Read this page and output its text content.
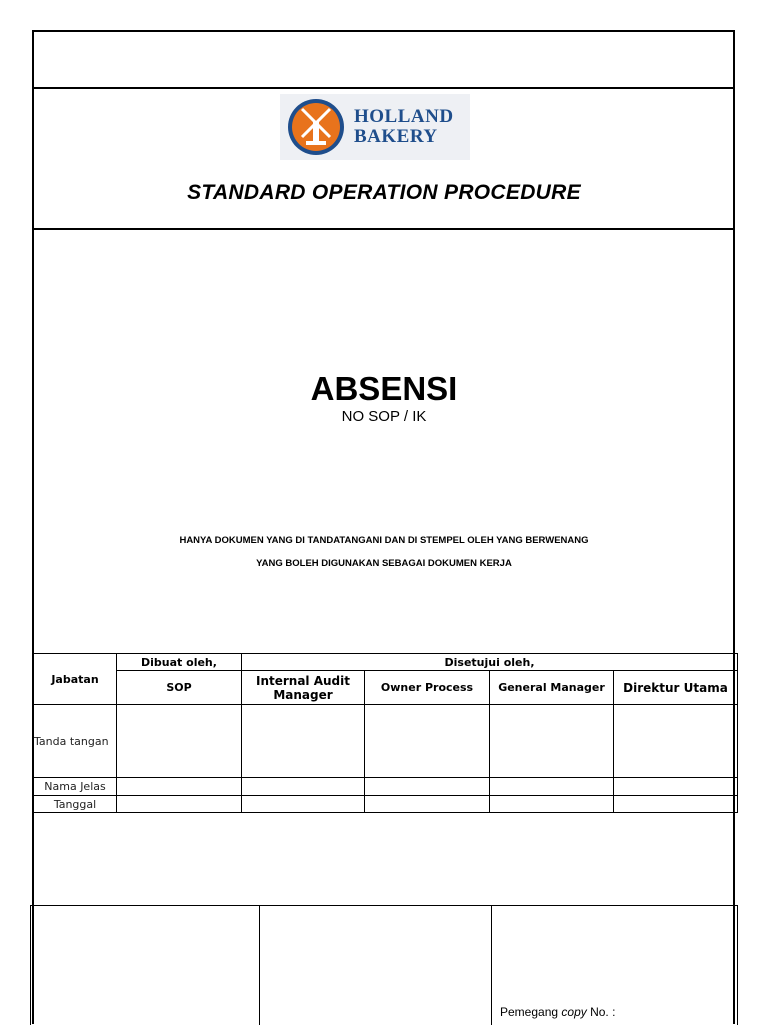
HOLLAND
BAKERY
STANDARD OPERATION PROCEDURE
ABSENSI
NO SOP / IK
HANYA DOKUMEN YANG DI TANDATANGANI DAN DI STEMPEL OLEH YANG BERWENANG
YANG BOLEH DIGUNAKAN SEBAGAI DOKUMEN KERJA
Jabatan	Dibuat oleh,	Disetujui oleh,			
	SOP	Internal Audit Manager	Owner Process	General Manager	Direktur Utama
Tanda tangan					
Nama Jelas					
Tanggal					
Pemegang copy No. :
